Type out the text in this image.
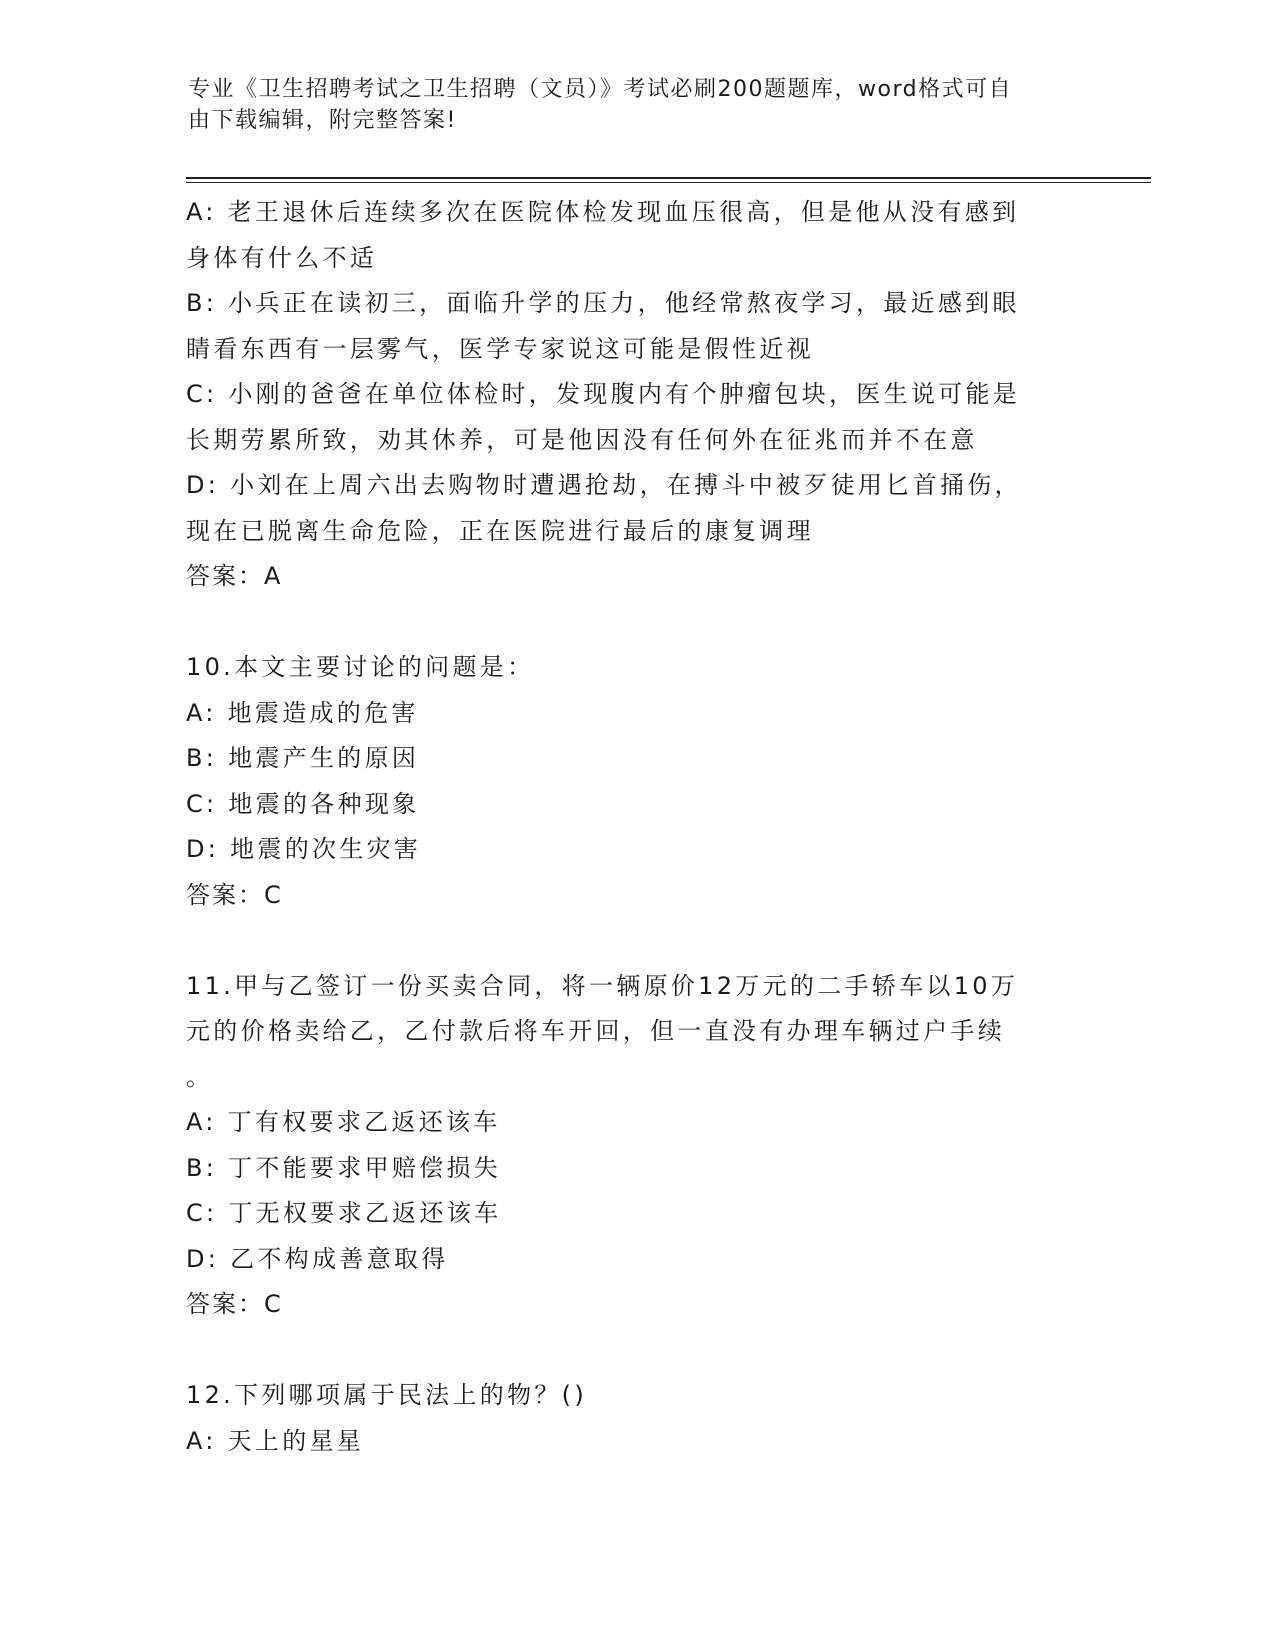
专业《卫生招聘考试之卫生招聘（文员）》考试必刷200题题库，word格式可自

由下载编辑，附完整答案!

A: 老王退休后连续多次在医院体检发现血压很高，但是他从没有感到

身体有什么不适

B: 小兵正在读初三，面临升学的压力，他经常熬夜学习，最近感到眼

睛看东西有一层雾气，医学专家说这可能是假性近视

C: 小刚的爸爸在单位体检时，发现腹内有个肿瘤包块，医生说可能是

长期劳累所致，劝其休养，可是他因没有任何外在征兆而并不在意

D: 小刘在上周六出去购物时遭遇抢劫，在搏斗中被歹徒用匕首捅伤，

现在已脱离生命危险，正在医院进行最后的康复调理

答案：A

10.本文主要讨论的问题是：

A: 地震造成的危害

B: 地震产生的原因

C: 地震的各种现象

D: 地震的次生灾害

答案：C

11.甲与乙签订一份买卖合同，将一辆原价12万元的二手轿车以10万

元的价格卖给乙，乙付款后将车开回，但一直没有办理车辆过户手续

。

A: 丁有权要求乙返还该车

B: 丁不能要求甲赔偿损失

C: 丁无权要求乙返还该车

D: 乙不构成善意取得

答案：C

12.下列哪项属于民法上的物？()

A: 天上的星星
